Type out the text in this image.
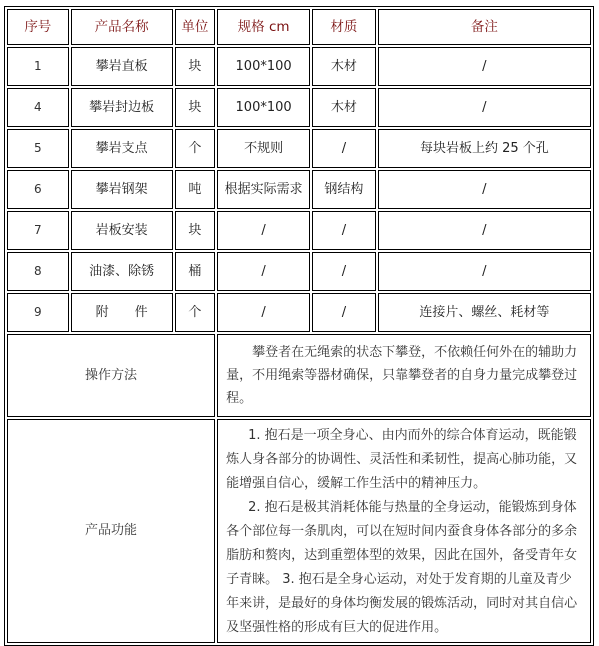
序号	产品名称	单位	规格 cm	材质	备注
1	攀岩直板	块	100*100	木材	/
4	攀岩封边板	块	100*100	木材	/
5	攀岩支点	个	不规则	/	每块岩板上约 25 个孔
6	攀岩钢架	吨	根据实际需求	钢结构	/
7	岩板安装	块	/	/	/
8	油漆、除锈	桶	/	/	/
9	附　　件	个	/	/	连接片、螺丝、耗材等
操作方法			攀登者在无绳索的状态下攀登，不依赖任何外在的辅助力量，不用绳索等器材确保，只靠攀登者的自身力量完成攀登过程。		

产品功能			1. 抱石是一项全身心、由内而外的综合体育运动，既能锻炼人身各部分的协调性、灵活性和柔韧性，提高心肺功能，又能增强自信心，缓解工作生活中的精神压力。

2. 抱石是极其消耗体能与热量的全身运动，能锻炼到身体各个部位每一条肌肉，可以在短时间内蚕食身体各部分的多余脂肪和赘肉，达到重塑体型的效果，因此在国外，备受青年女子青睐。 3. 抱石是全身心运动，对处于发育期的儿童及青少年来讲，是最好的身体均衡发展的锻炼活动，同时对其自信心及坚强性格的形成有巨大的促进作用。		
